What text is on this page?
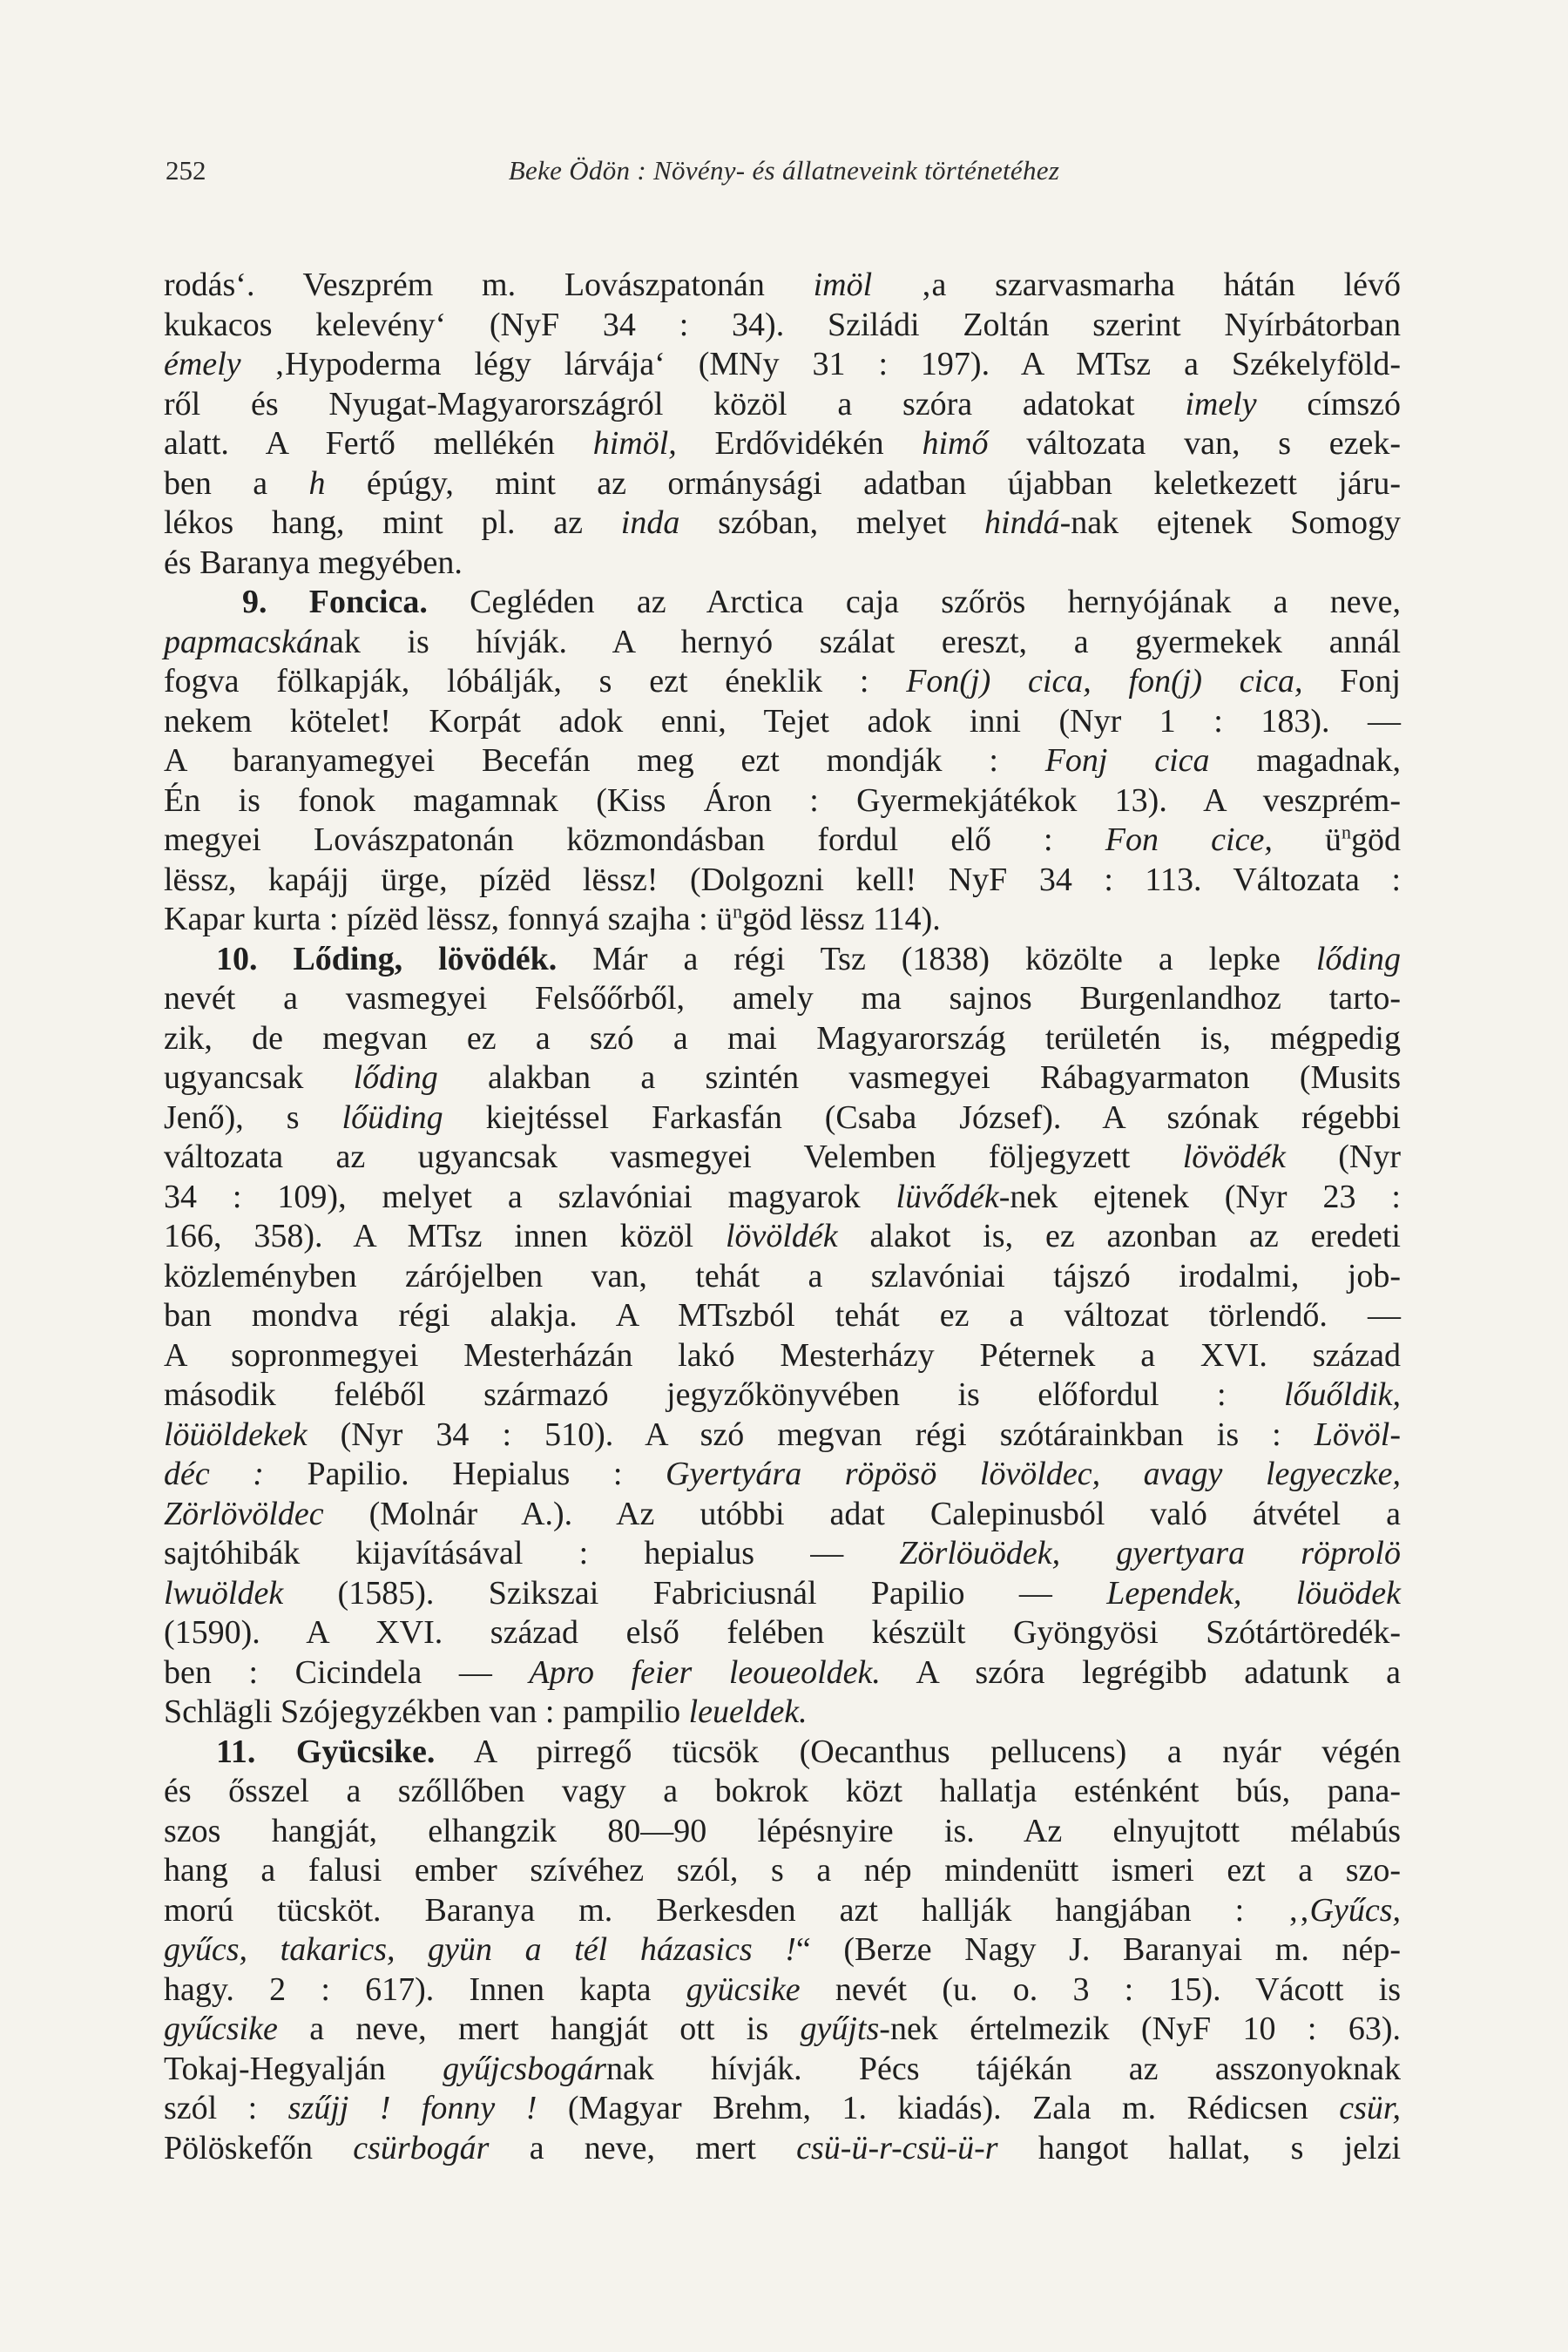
252	Beke Ödön : Növény- és állatneveink történetéhez
rodás‘. Veszprém m. Lovászpatonán imöl ‚a szarvasmarha hátán lévő
kukacos kelevény‘ (NyF 34 : 34). Sziládi Zoltán szerint Nyírbátorban
émely ‚Hypoderma légy lárvája‘ (MNy 31 : 197). A MTsz a Székelyföld-
ről és Nyugat-Magyarországról közöl a szóra adatokat imely címszó
alatt. A Fertő mellékén himöl, Erdővidékén himő változata van, s ezek-
ben a h épúgy, mint az ormánysági adatban újabban keletkezett járu-
lékos hang, mint pl. az inda szóban, melyet hindá-nak ejtenek Somogy
és Baranya megyében.
9. Foncica. Cegléden az Arctica caja szőrös hernyójának a neve,
papmacskának is hívják. A hernyó szálat ereszt, a gyermekek annál
fogva fölkapják, lóbálják, s ezt éneklik : Fon(j) cica, fon(j) cica, Fonj
nekem kötelet! Korpát adok enni, Tejet adok inni (Nyr 1 : 183). —
A baranyamegyei Becefán meg ezt mondják : Fonj cica magadnak,
Én is fonok magamnak (Kiss Áron : Gyermekjátékok 13). A veszprém-
megyei Lovászpatonán közmondásban fordul elő : Fon cice, $ü^ngöd$
lëssz, kapájj ürge, pízëd lëssz! (Dolgozni kell! NyF 34 : 113. Változata :
Kapar kurta : pízëd lëssz, fonnyá szajha : $ü^ngöd$ lëssz 114).
10. Lőding, lövödék. Már a régi Tsz (1838) közölte a lepke lőding
nevét a vasmegyei Felsőőrből, amely ma sajnos Burgenlandhoz tarto-
zik, de megvan ez a szó a mai Magyarország területén is, mégpedig
ugyancsak lőding alakban a szintén vasmegyei Rábagyarmaton (Musits
Jenő), s lőüding kiejtéssel Farkasfán (Csaba József). A szónak régebbi
változata az ugyancsak vasmegyei Velemben följegyzett lövödék (Nyr
34 : 109), melyet a szlavóniai magyarok lüvődék-nek ejtenek (Nyr 23 :
166, 358). A MTsz innen közöl lövöldék alakot is, ez azonban az eredeti
közleményben zárójelben van, tehát a szlavóniai tájszó irodalmi, job-
ban mondva régi alakja. A MTszból tehát ez a változat törlendő. —
A sopronmegyei Mesterházán lakó Mesterházy Péternek a XVI. század
második feléből származó jegyzőkönyvében is előfordul : lőuőldik,
löüöldekek (Nyr 34 : 510). A szó megvan régi szótárainkban is : Lövöl-
déc : Papilio. Hepialus : Gyertyára röpösö lövöldec, avagy legyeczke,
Zörlövöldec (Molnár A.). Az utóbbi adat Calepinusból való átvétel a
sajtóhibák kijavításával : hepialus — Zörlöuödek, gyertyara röprolö
lwuöldek (1585). Szikszai Fabriciusnál Papilio — Lependek, löuödek
(1590). A XVI. század első felében készült Gyöngyösi Szótártöredék-
ben : Cicindela — Apro feier leoueoldek. A szóra legrégibb adatunk a
Schlägli Szójegyzékben van : pampilio leueldek.
11. Gyücsike. A pirregő tücsök (Oecanthus pellucens) a nyár végén
és ősszel a szőllőben vagy a bokrok közt hallatja esténként bús, pana-
szos hangját, elhangzik 80—90 lépésnyire is. Az elnyujtott mélabús
hang a falusi ember szívéhez szól, s a nép mindenütt ismeri ezt a szo-
morú tücsköt. Baranya m. Berkesden azt hallják hangjában : ‚‚Gyűcs,
gyűcs, takarics, gyün a tél házasics !“ (Berze Nagy J. Baranyai m. nép-
hagy. 2 : 617). Innen kapta gyücsike nevét (u. o. 3 : 15). Vácott is
gyűcsike a neve, mert hangját ott is gyűjts-nek értelmezik (NyF 10 : 63).
Tokaj-Hegyalján gyűjcsbogárnak hívják. Pécs tájékán az asszonyoknak
szól : szűjj ! fonny ! (Magyar Brehm, 1. kiadás). Zala m. Rédicsen csür,
Pölöskefőn csürbogár a neve, mert csü-ü-r-csü-ü-r hangot hallat, s jelzi
